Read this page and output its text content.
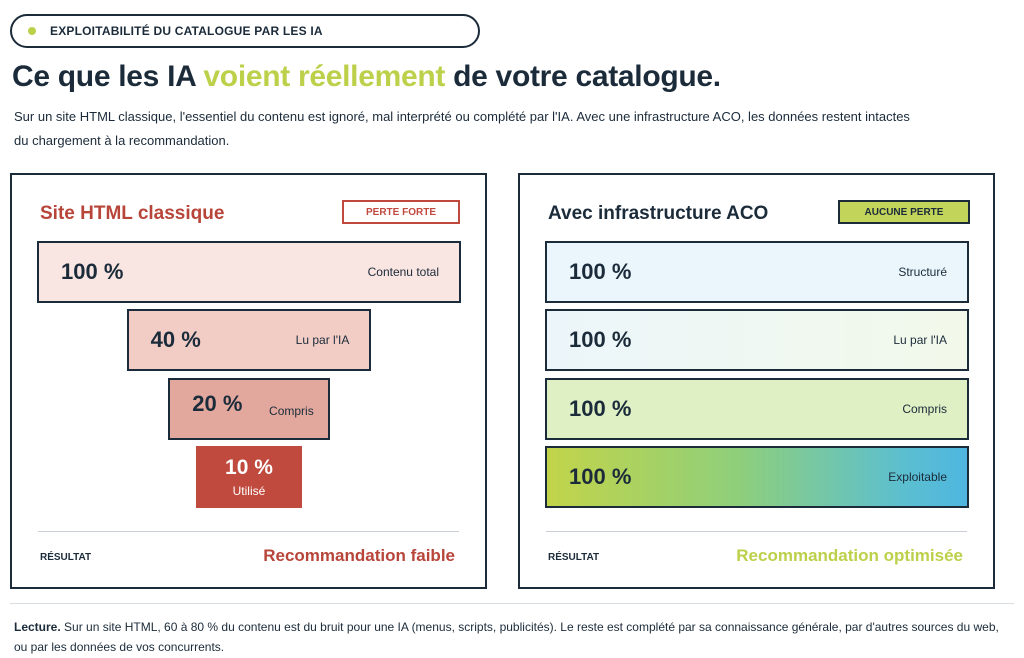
EXPLOITABILITÉ DU CATALOGUE PAR LES IA
Ce que les IA voient réellement de votre catalogue.

Sur un site HTML classique, l'essentiel du contenu est ignoré, mal interprété ou complété par l'IA. Avec une infrastructure ACO, les données restent intactes du chargement à la recommandation.

Site HTML classique	PERTE FORTE
100 %	Contenu total
40 %	Lu par l'IA
20 % Compris
10 %
Utilisé
RÉSULTAT	Recommandation faible
Avec infrastructure ACO	AUCUNE PERTE
100 %	Structuré
100 %	Lu par l'IA
100 %	Compris
100 %	Exploitable
RÉSULTAT	Recommandation optimisée

Lecture. Sur un site HTML, 60 à 80 % du contenu est du bruit pour une IA (menus, scripts, publicités). Le reste est complété par sa connaissance générale, par d'autres sources du web, ou par les données de vos concurrents.
